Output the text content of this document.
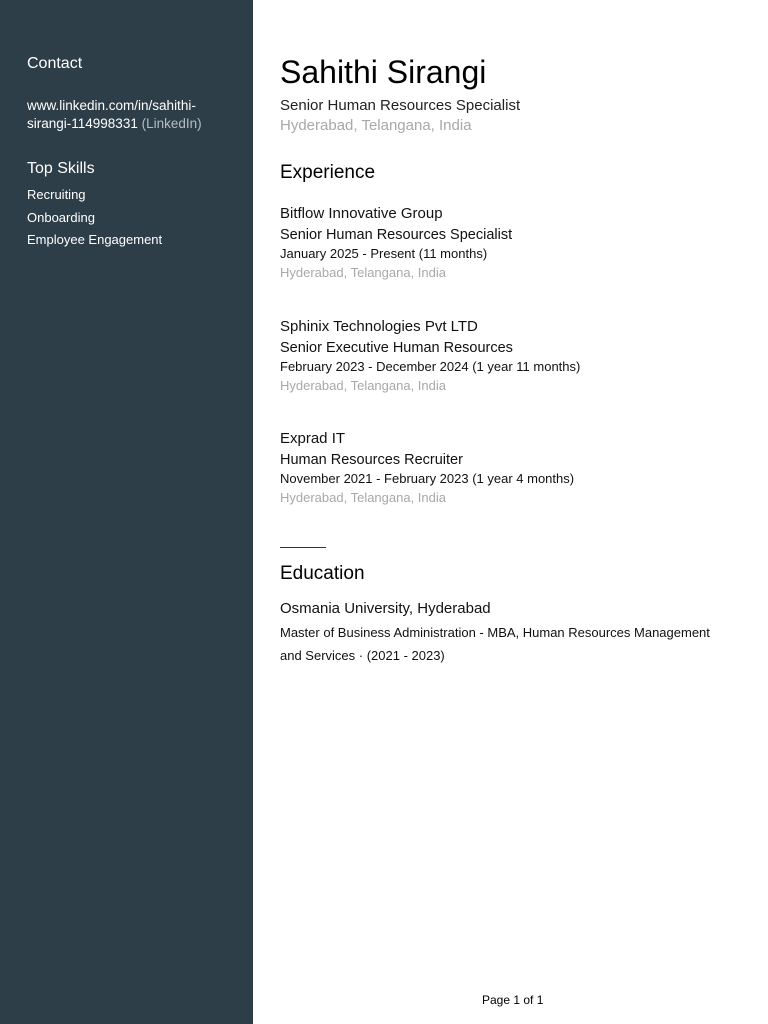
Contact
www.linkedin.com/in/sahithi-sirangi-114998331 (LinkedIn)
Top Skills
Recruiting
Onboarding
Employee Engagement
Sahithi Sirangi
Senior Human Resources Specialist
Hyderabad, Telangana, India
Experience
Bitflow Innovative Group
Senior Human Resources Specialist
January 2025 - Present (11 months)
Hyderabad, Telangana, India
Sphinix Technologies Pvt LTD
Senior Executive Human Resources
February 2023 - December 2024 (1 year 11 months)
Hyderabad, Telangana, India
Exprad IT
Human Resources Recruiter
November 2021 - February 2023 (1 year 4 months)
Hyderabad, Telangana, India
Education
Osmania University, Hyderabad
Master of Business Administration - MBA, Human Resources Management and Services · (2021 - 2023)
Page 1 of 1
